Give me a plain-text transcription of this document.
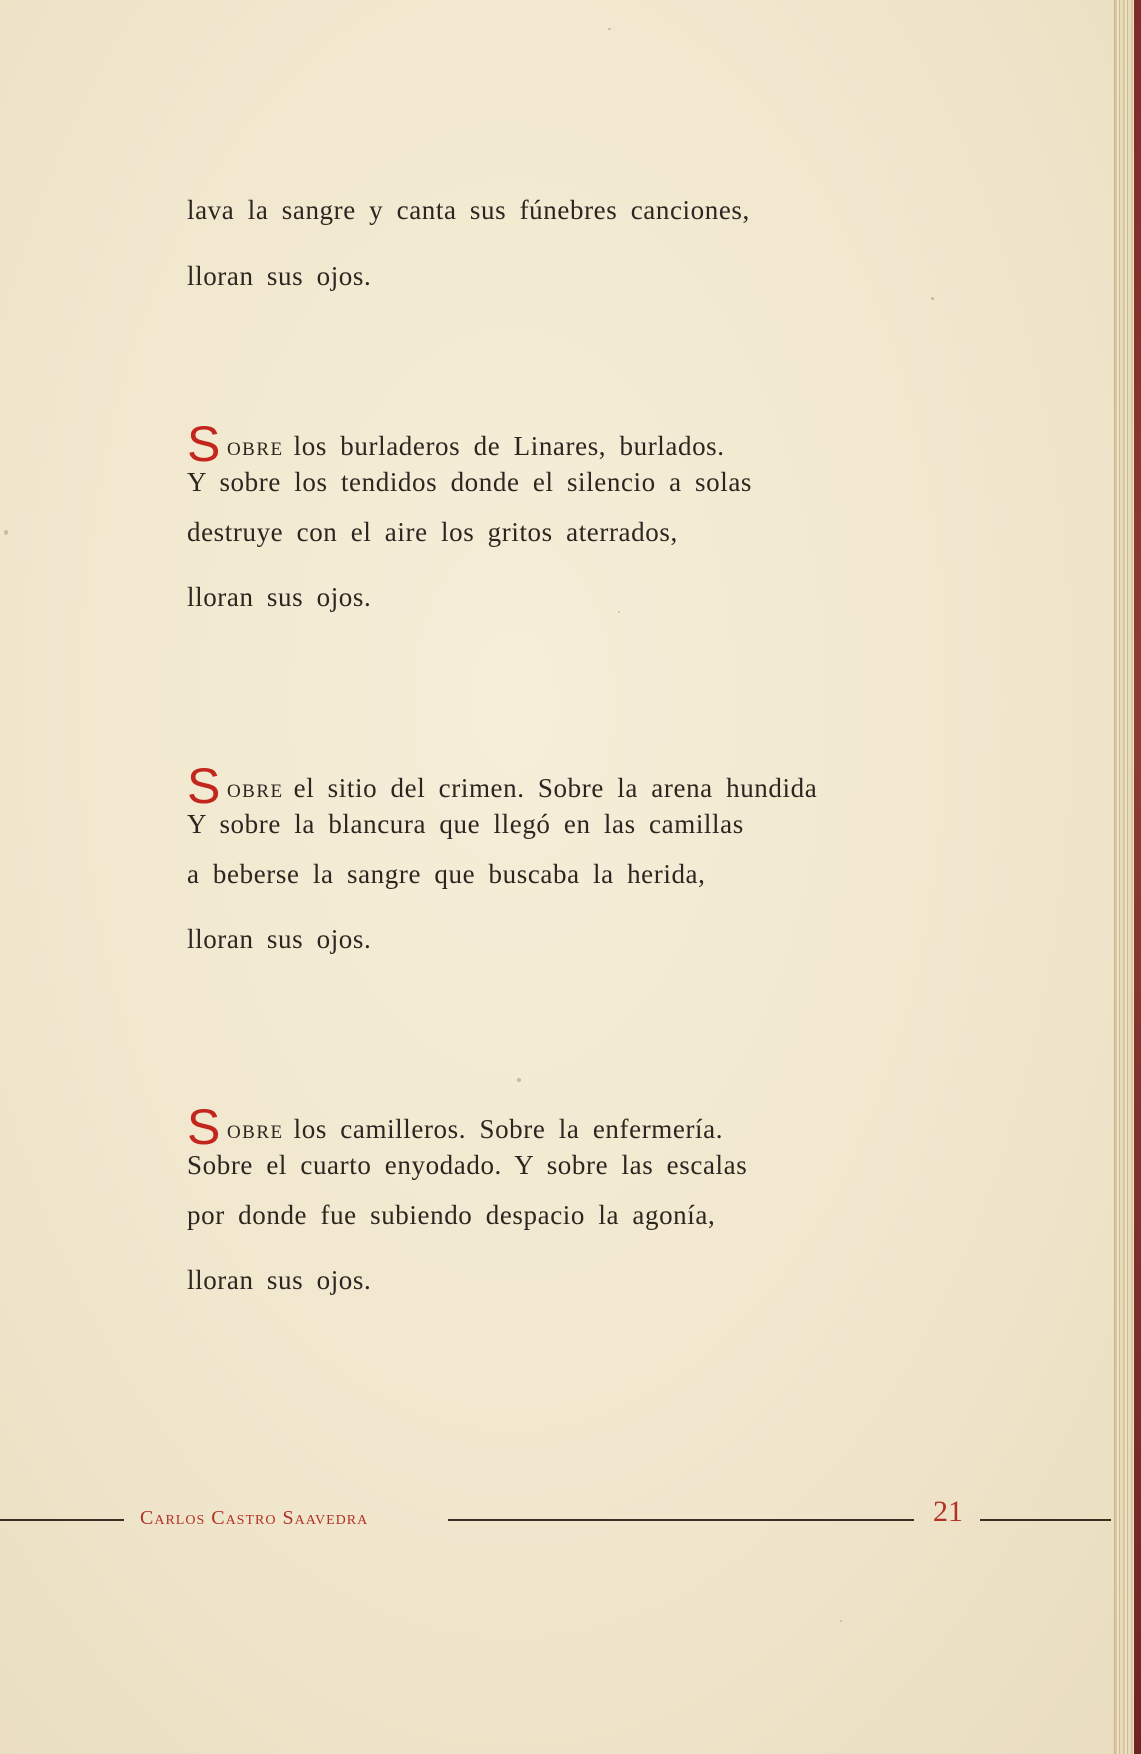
lava la sangre y canta sus fúnebres canciones,
lloran sus ojos.
SOBRE los burladeros de Linares, burlados.
Y sobre los tendidos donde el silencio a solas
destruye con el aire los gritos aterrados,
lloran sus ojos.
SOBRE el sitio del crimen. Sobre la arena hundida
Y sobre la blancura que llegó en las camillas
a beberse la sangre que buscaba la herida,
lloran sus ojos.
SOBRE los camilleros. Sobre la enfermería.
Sobre el cuarto enyodado. Y sobre las escalas
por donde fue subiendo despacio la agonía,
lloran sus ojos.
Carlos Castro Saavedra	21
